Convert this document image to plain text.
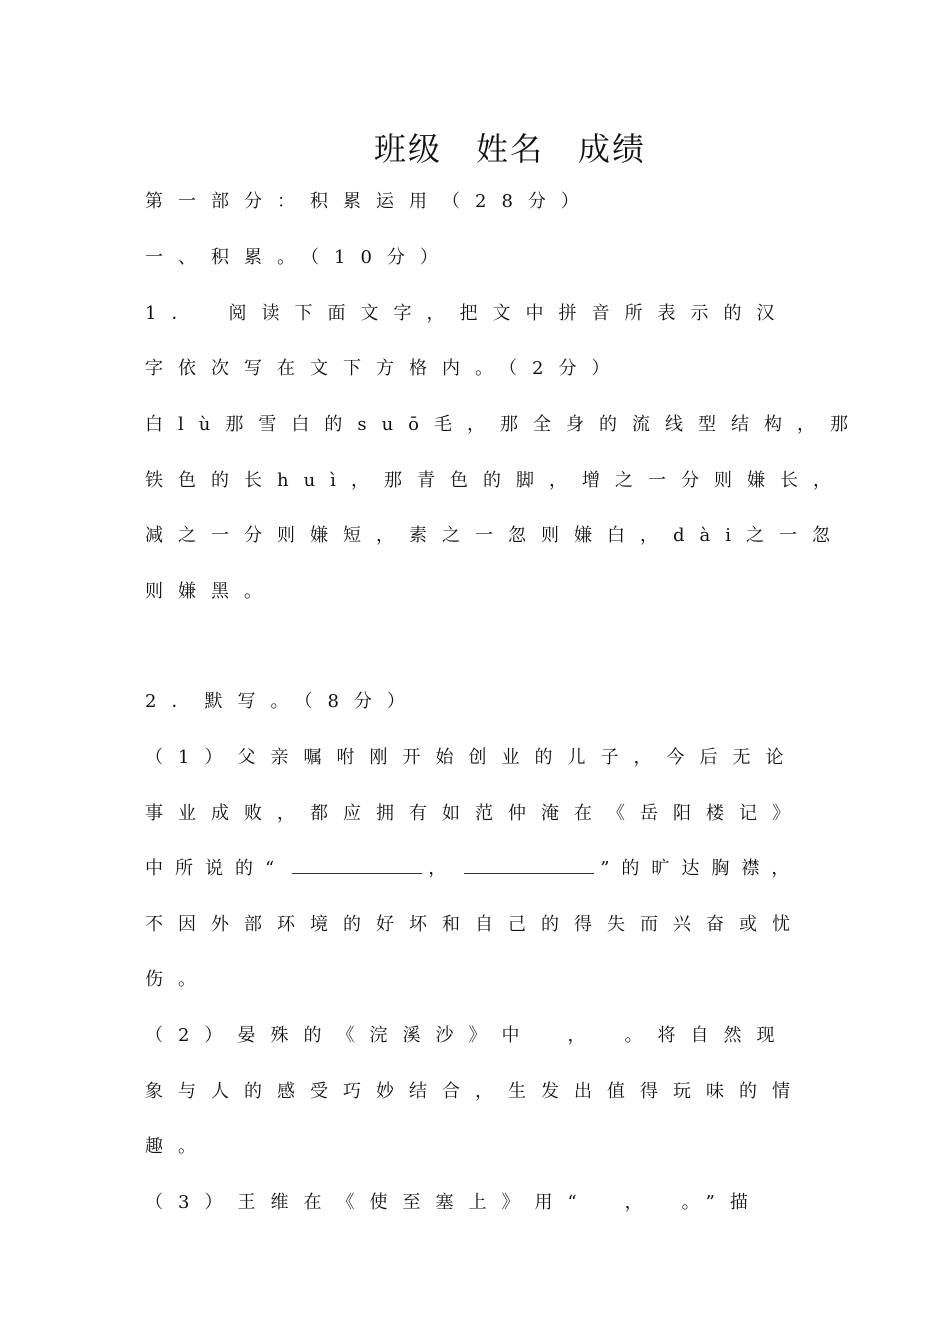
班级　姓名　成绩
第一部分：积累运用（28分）
一、积累。（10分）
1．　阅读下面文字，把文中拼音所表示的汉
字依次写在文下方格内。（2分）
白lù那雪白的suō毛，那全身的流线型结构，那
铁色的长huì，那青色的脚，增之一分则嫌长，
减之一分则嫌短，素之一忽则嫌白，dài之一忽
则嫌黑。
2．默写。（8分）
（1）父亲嘱咐刚开始创业的儿子，今后无论
事业成败，都应拥有如范仲淹在《岳阳楼记》
中所说的“	，	”的旷达胸襟，
不因外部环境的好坏和自己的得失而兴奋或忧
伤。
（2）晏殊的《浣溪沙》中　，　。将自然现
象与人的感受巧妙结合，生发出值得玩味的情
趣。
（3）王维在《使至塞上》用“　，　。”描
